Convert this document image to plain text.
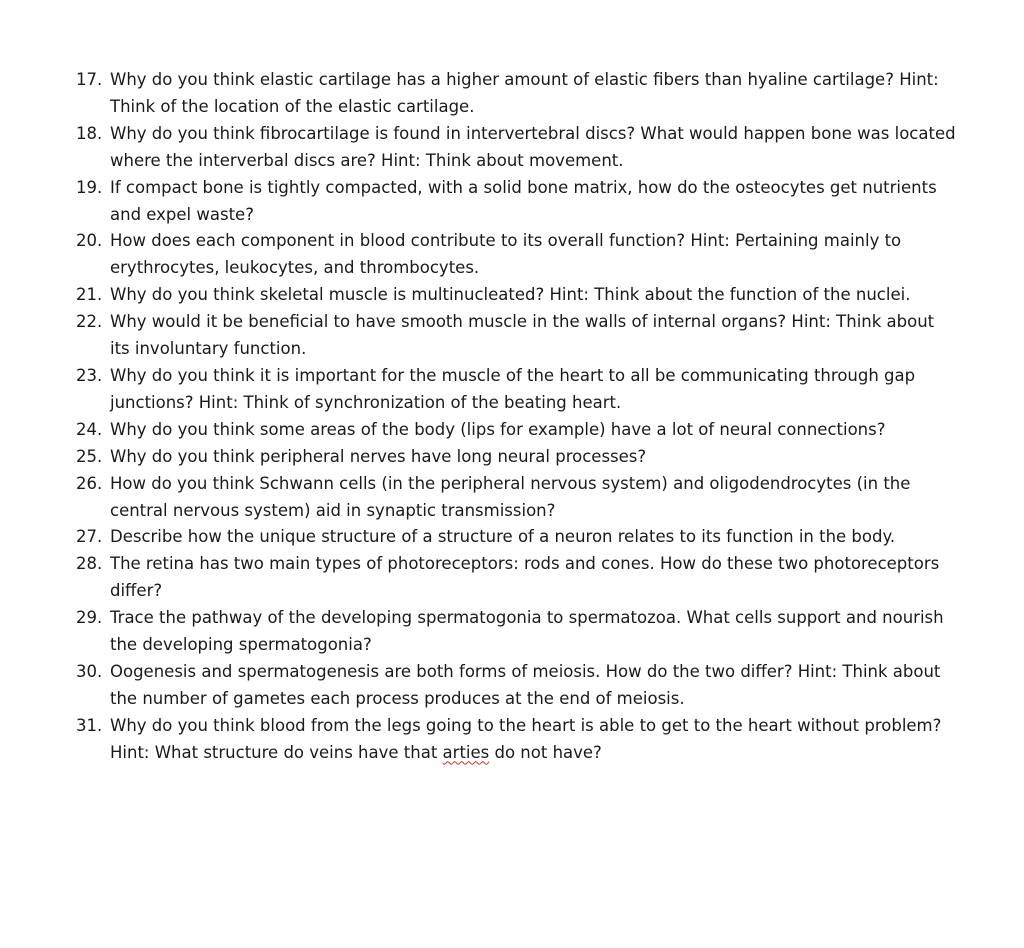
17. Why do you think elastic cartilage has a higher amount of elastic fibers than hyaline cartilage? Hint: Think of the location of the elastic cartilage.
18. Why do you think fibrocartilage is found in intervertebral discs? What would happen bone was located where the interverbal discs are? Hint: Think about movement.
19. If compact bone is tightly compacted, with a solid bone matrix, how do the osteocytes get nutrients and expel waste?
20. How does each component in blood contribute to its overall function? Hint: Pertaining mainly to erythrocytes, leukocytes, and thrombocytes.
21. Why do you think skeletal muscle is multinucleated? Hint: Think about the function of the nuclei.
22. Why would it be beneficial to have smooth muscle in the walls of internal organs? Hint: Think about its involuntary function.
23. Why do you think it is important for the muscle of the heart to all be communicating through gap junctions? Hint: Think of synchronization of the beating heart.
24. Why do you think some areas of the body (lips for example) have a lot of neural connections?
25. Why do you think peripheral nerves have long neural processes?
26. How do you think Schwann cells (in the peripheral nervous system) and oligodendrocytes (in the central nervous system) aid in synaptic transmission?
27. Describe how the unique structure of a structure of a neuron relates to its function in the body.
28. The retina has two main types of photoreceptors: rods and cones. How do these two photoreceptors differ?
29. Trace the pathway of the developing spermatogonia to spermatozoa. What cells support and nourish the developing spermatogonia?
30. Oogenesis and spermatogenesis are both forms of meiosis. How do the two differ? Hint: Think about the number of gametes each process produces at the end of meiosis.
31. Why do you think blood from the legs going to the heart is able to get to the heart without problem? Hint: What structure do veins have that arties do not have?
